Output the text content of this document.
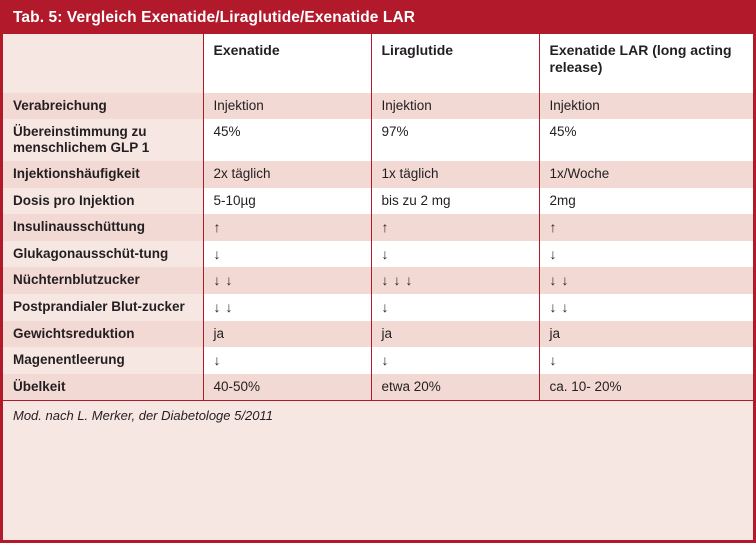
Tab. 5: Vergleich Exenatide/Liraglutide/Exenatide LAR
	Exenatide	Liraglutide	Exenatide LAR (long acting release)
Verabreichung	Injektion	Injektion	Injektion
Übereinstimmung zu menschlichem GLP 1	45%	97%	45%
Injektionshäufigkeit	2x täglich	1x täglich	1x/Woche
Dosis pro Injektion	5-10µg	bis zu 2 mg	2mg
Insulinausschüttung	↑	↑	↑
Glukagonausschüt-tung	↓	↓	↓
Nüchternblutzucker	↓↓	↓↓↓	↓↓
Postprandialer Blut-zucker	↓↓	↓	↓↓
Gewichtsreduktion	ja	ja	ja
Magenentleerung	↓	↓	↓
Übelkeit	40-50%	etwa 20%	ca. 10- 20%
Mod. nach L. Merker, der Diabetologe 5/2011
